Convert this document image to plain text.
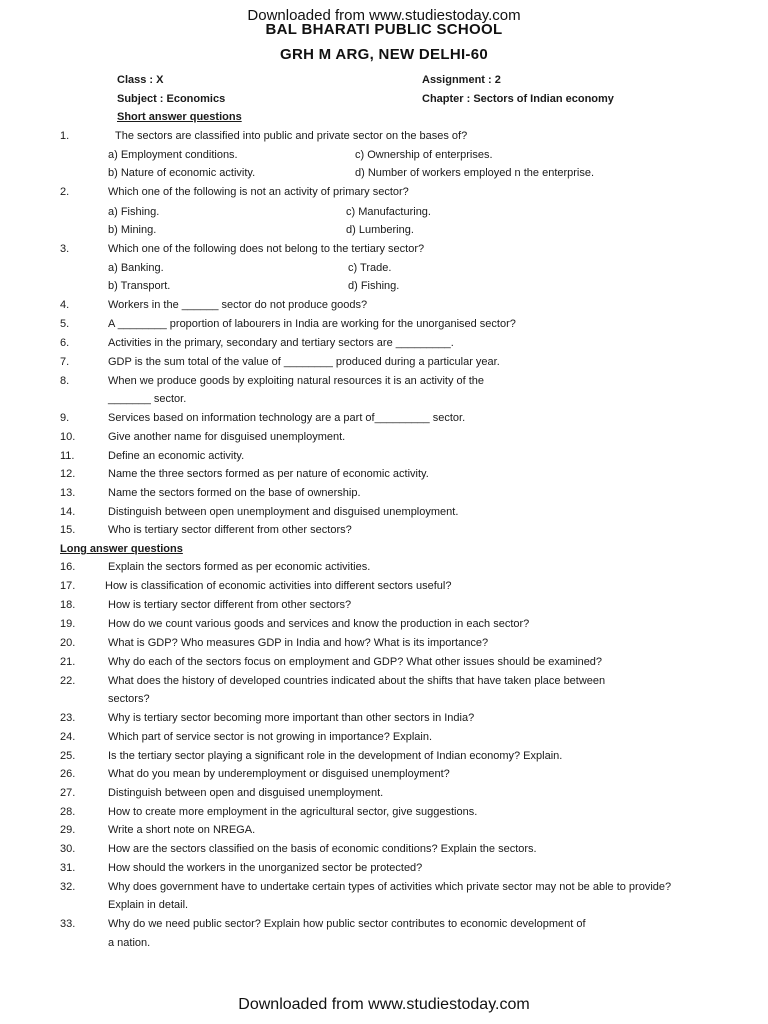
Downloaded from www.studiestoday.com
BAL BHARATI PUBLIC SCHOOL
GRH M ARG, NEW DELHI-60
Class : X	Assignment : 2
Subject : Economics	Chapter : Sectors of Indian economy
Short answer questions
1.	The sectors are classified into public and private sector on the bases of?
a) Employment conditions.	c) Ownership of enterprises.
b) Nature of economic activity.	d) Number of workers employed n the enterprise.
2.	Which one of the following is not an activity of primary sector?
a) Fishing.	c) Manufacturing.
b) Mining.	d) Lumbering.
3.	Which one of the following does not belong to the tertiary sector?
a) Banking.	c) Trade.
b) Transport.	d) Fishing.
4.	Workers in the ______ sector do not produce goods?
5.	A ________ proportion of labourers in India are working for the unorganised sector?
6.	Activities in the primary, secondary and tertiary sectors are _________.
7.	GDP is the sum total of the value of ________ produced during a particular year.
8.	When we produce goods by exploiting natural resources it is an activity of the
_______ sector.
9.	Services based on information technology are a part of_________ sector.
10.	Give another name for disguised unemployment.
11.	Define an economic activity.
12.	Name the three sectors formed as per nature of economic activity.
13.	Name the sectors formed on the base of ownership.
14.	Distinguish between open unemployment and disguised unemployment.
15.	Who is tertiary sector different from other sectors?
Long answer questions
16.	Explain the sectors formed as per economic activities.
17.	How is classification of economic activities into different sectors useful?
18.	How is tertiary sector different from other sectors?
19.	How do we count various goods and services and know the production in each sector?
20.	What is GDP? Who measures GDP in India and how? What is its importance?
21.	Why do each of the sectors focus on employment and GDP? What other issues should be examined?
22.	What does the history of developed countries indicated about the shifts that have taken place between
sectors?
23.	Why is tertiary sector becoming more important than other sectors in India?
24.	Which part of service sector is not growing in importance? Explain.
25.	Is the tertiary sector playing a significant role in the development of Indian economy? Explain.
26.	What do you mean by underemployment or disguised unemployment?
27.	Distinguish between open and disguised unemployment.
28.	How to create more employment in the agricultural sector, give suggestions.
29.	Write a short note on NREGA.
30.	How are the sectors classified on the basis of economic conditions? Explain the sectors.
31.	How should the workers in the unorganized sector be protected?
32.	Why does government have to undertake certain types of activities which private sector may not be able to provide?
Explain in detail.
33.	Why do we need public sector? Explain how public sector contributes to economic development of
a nation.
Downloaded from www.studiestoday.com
